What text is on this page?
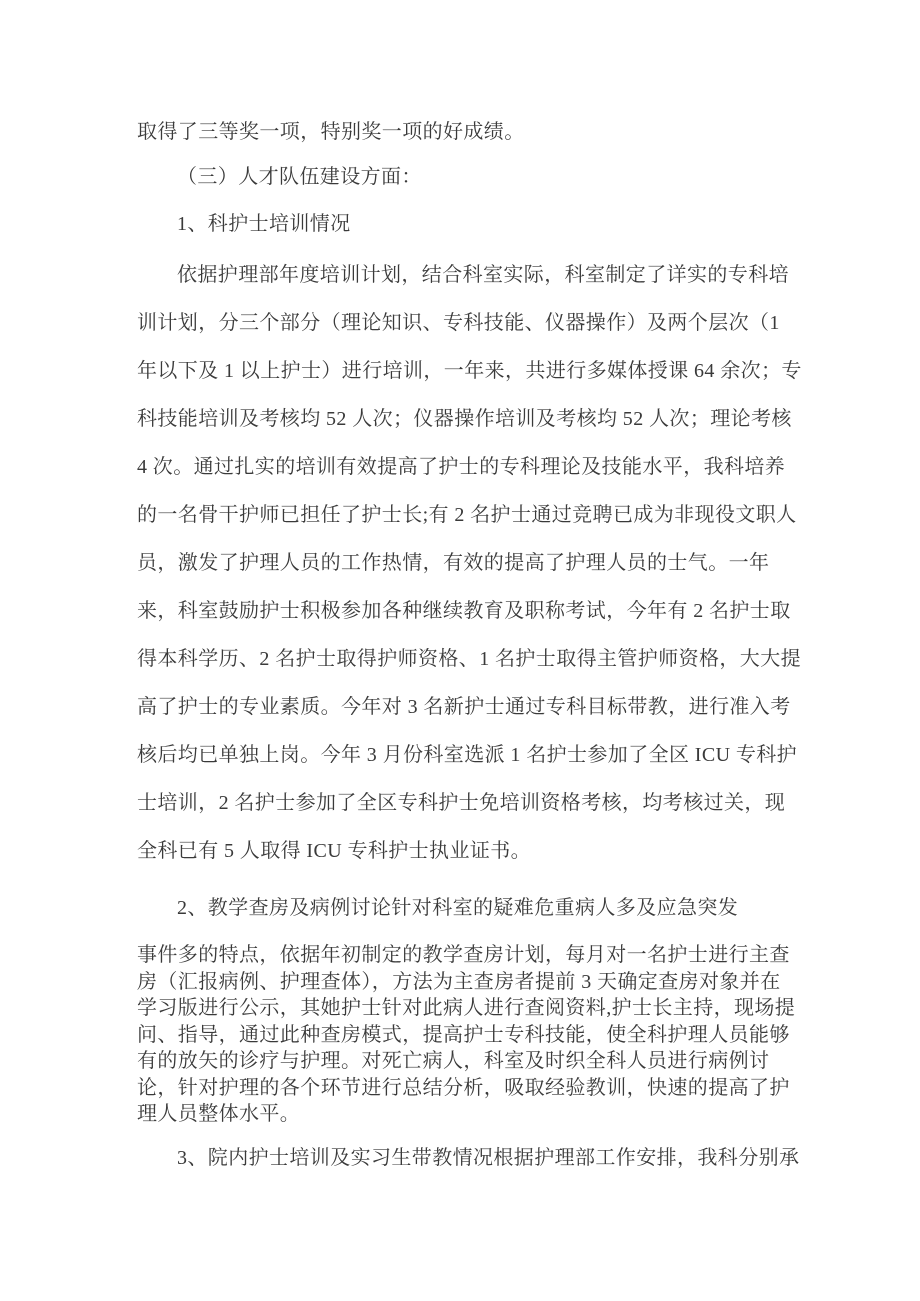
取得了三等奖一项，特别奖一项的好成绩。
（三）人才队伍建设方面：
1、科护士培训情况
依据护理部年度培训计划，结合科室实际，科室制定了详实的专科培
训计划，分三个部分（理论知识、专科技能、仪器操作）及两个层次（1
年以下及 1 以上护士）进行培训，一年来，共进行多媒体授课 64 余次；专
科技能培训及考核均 52 人次；仪器操作培训及考核均 52 人次；理论考核
4 次。通过扎实的培训有效提高了护士的专科理论及技能水平，我科培养
的一名骨干护师已担任了护士长;有 2 名护士通过竞聘已成为非现役文职人
员，激发了护理人员的工作热情，有效的提高了护理人员的士气。一年
来，科室鼓励护士积极参加各种继续教育及职称考试，今年有 2 名护士取
得本科学历、2 名护士取得护师资格、1 名护士取得主管护师资格，大大提
高了护士的专业素质。今年对 3 名新护士通过专科目标带教，进行准入考
核后均已单独上岗。今年 3 月份科室选派 1 名护士参加了全区 ICU 专科护
士培训，2 名护士参加了全区专科护士免培训资格考核，均考核过关，现
全科已有 5 人取得 ICU 专科护士执业证书。
2、教学查房及病例讨论针对科室的疑难危重病人多及应急突发
事件多的特点，依据年初制定的教学查房计划，每月对一名护士进行主查
房（汇报病例、护理查体），方法为主查房者提前 3 天确定查房对象并在
学习版进行公示，其她护士针对此病人进行查阅资料,护士长主持，现场提
问、指导，通过此种查房模式，提高护士专科技能，使全科护理人员能够
有的放矢的诊疗与护理。对死亡病人，科室及时织全科人员进行病例讨
论，针对护理的各个环节进行总结分析，吸取经验教训，快速的提高了护
理人员整体水平。
3、院内护士培训及实习生带教情况根据护理部工作安排，我科分别承
